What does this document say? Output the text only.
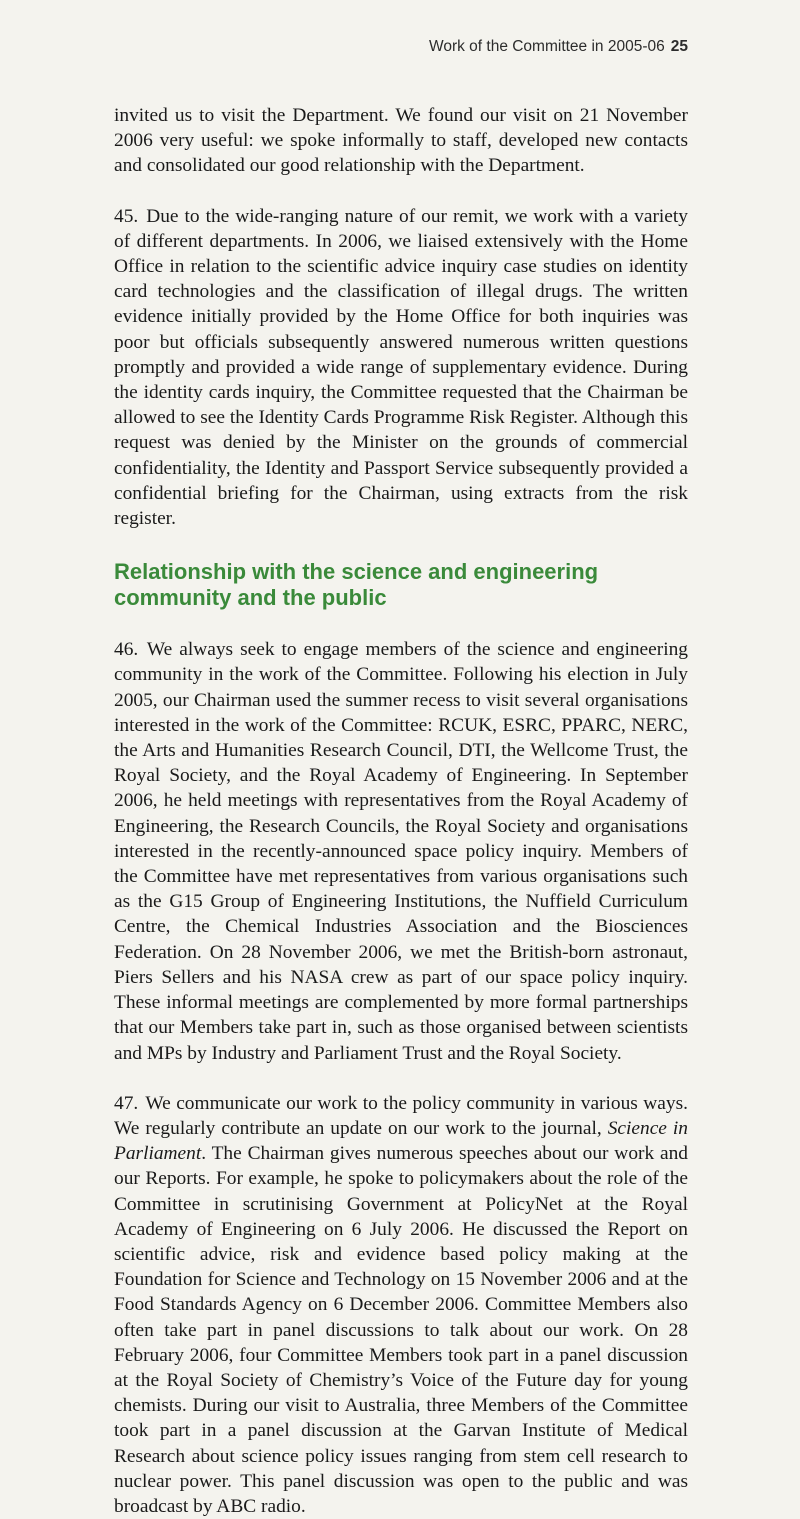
Work of the Committee in 2005-06 25

invited us to visit the Department. We found our visit on 21 November 2006 very useful: we spoke informally to staff, developed new contacts and consolidated our good relationship with the Department.

45. Due to the wide-ranging nature of our remit, we work with a variety of different departments. In 2006, we liaised extensively with the Home Office in relation to the scientific advice inquiry case studies on identity card technologies and the classification of illegal drugs. The written evidence initially provided by the Home Office for both inquiries was poor but officials subsequently answered numerous written questions promptly and provided a wide range of supplementary evidence. During the identity cards inquiry, the Committee requested that the Chairman be allowed to see the Identity Cards Programme Risk Register. Although this request was denied by the Minister on the grounds of commercial confidentiality, the Identity and Passport Service subsequently provided a confidential briefing for the Chairman, using extracts from the risk register.

Relationship with the science and engineering community and the public

46. We always seek to engage members of the science and engineering community in the work of the Committee. Following his election in July 2005, our Chairman used the summer recess to visit several organisations interested in the work of the Committee: RCUK, ESRC, PPARC, NERC, the Arts and Humanities Research Council, DTI, the Wellcome Trust, the Royal Society, and the Royal Academy of Engineering. In September 2006, he held meetings with representatives from the Royal Academy of Engineering, the Research Councils, the Royal Society and organisations interested in the recently-announced space policy inquiry. Members of the Committee have met representatives from various organisations such as the G15 Group of Engineering Institutions, the Nuffield Curriculum Centre, the Chemical Industries Association and the Biosciences Federation. On 28 November 2006, we met the British-born astronaut, Piers Sellers and his NASA crew as part of our space policy inquiry. These informal meetings are complemented by more formal partnerships that our Members take part in, such as those organised between scientists and MPs by Industry and Parliament Trust and the Royal Society.

47. We communicate our work to the policy community in various ways. We regularly contribute an update on our work to the journal, Science in Parliament. The Chairman gives numerous speeches about our work and our Reports. For example, he spoke to policymakers about the role of the Committee in scrutinising Government at PolicyNet at the Royal Academy of Engineering on 6 July 2006. He discussed the Report on scientific advice, risk and evidence based policy making at the Foundation for Science and Technology on 15 November 2006 and at the Food Standards Agency on 6 December 2006. Committee Members also often take part in panel discussions to talk about our work. On 28 February 2006, four Committee Members took part in a panel discussion at the Royal Society of Chemistry’s Voice of the Future day for young chemists. During our visit to Australia, three Members of the Committee took part in a panel discussion at the Garvan Institute of Medical Research about science policy issues ranging from stem cell research to nuclear power. This panel discussion was open to the public and was broadcast by ABC radio.
